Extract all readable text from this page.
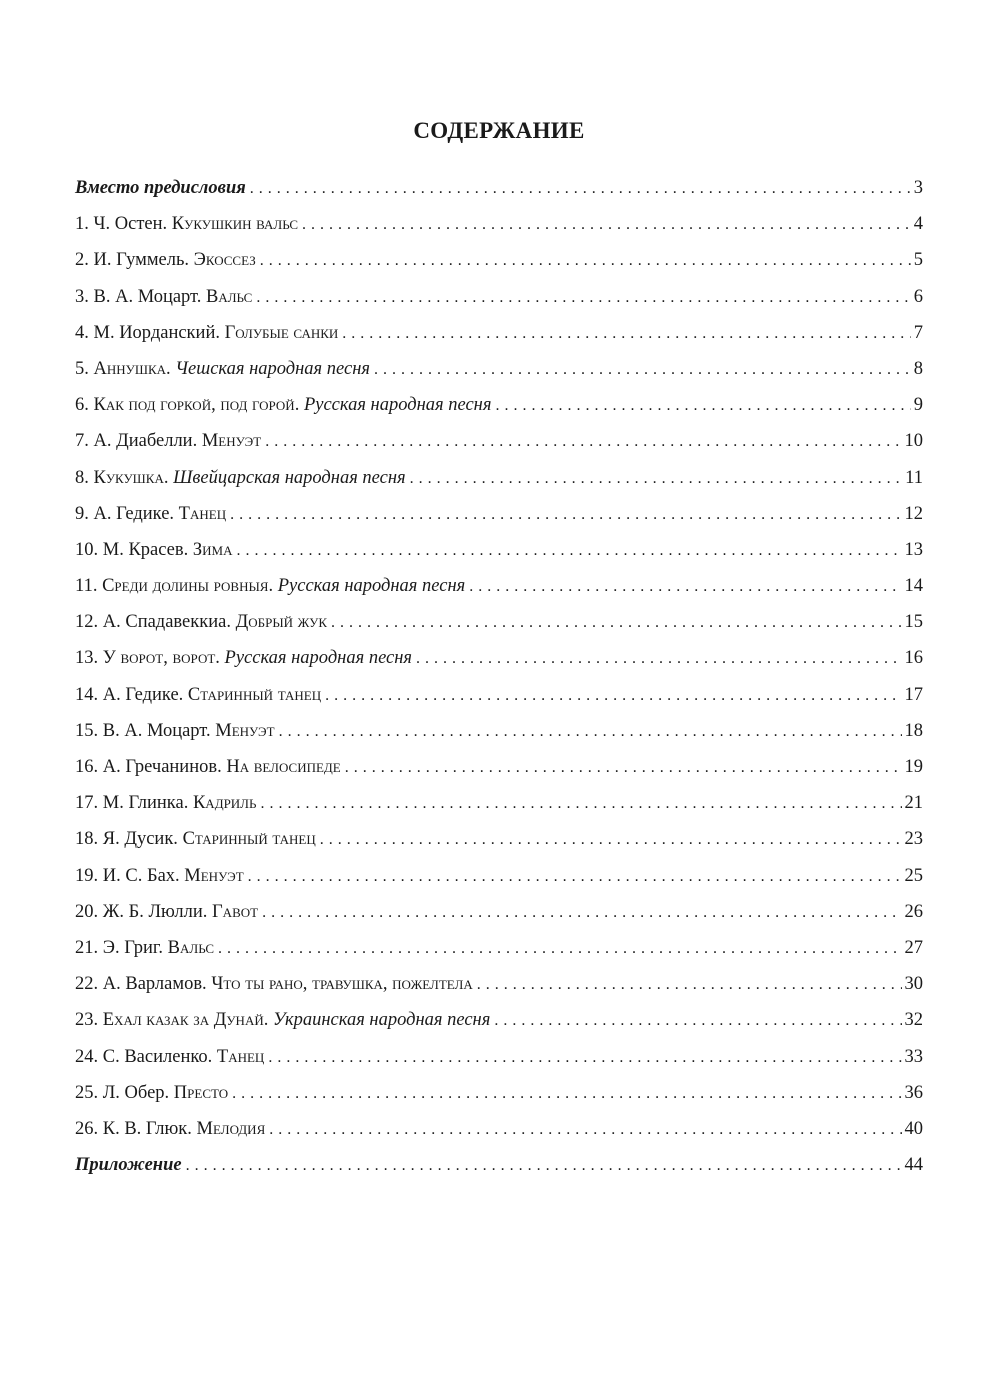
СОДЕРЖАНИЕ
Вместо предисловия . . .	3
1. Ч. Остен. Кукушкин вальс . . .	4
2. И. Гуммель. Экоссез . . .	5
3. В. А. Моцарт. Вальс . . .	6
4. М. Иорданский. Голубые санки . . .	7
5. Аннушка. Чешская народная песня . . .	8
6. Как под горкой, под горой. Русская народная песня . . .	9
7. А. Диабелли. Менуэт . . .	10
8. Кукушка. Швейцарская народная песня . . .	11
9. А. Гедике. Танец . . .	12
10. М. Красев. Зима . . .	13
11. Среди долины ровныя. Русская народная песня . . .	14
12. А. Спадавеккиа. Добрый жук . . .	15
13. У ворот, ворот. Русская народная песня . . .	16
14. А. Гедике. Старинный танец . . .	17
15. В. А. Моцарт. Менуэт . . .	18
16. А. Гречанинов. На велосипеде . . .	19
17. М. Глинка. Кадриль . . .	21
18. Я. Дусик. Старинный танец . . .	23
19. И. С. Бах. Менуэт . . .	25
20. Ж. Б. Люлли. Гавот . . .	26
21. Э. Григ. Вальс . . .	27
22. А. Варламов. Что ты рано, травушка, пожелтела . . .	30
23. Ехал казак за Дунай. Украинская народная песня . . .	32
24. С. Василенко. Танец . . .	33
25. Л. Обер. Престо . . .	36
26. К. В. Глюк. Мелодия . . .	40
Приложение . . .	44
